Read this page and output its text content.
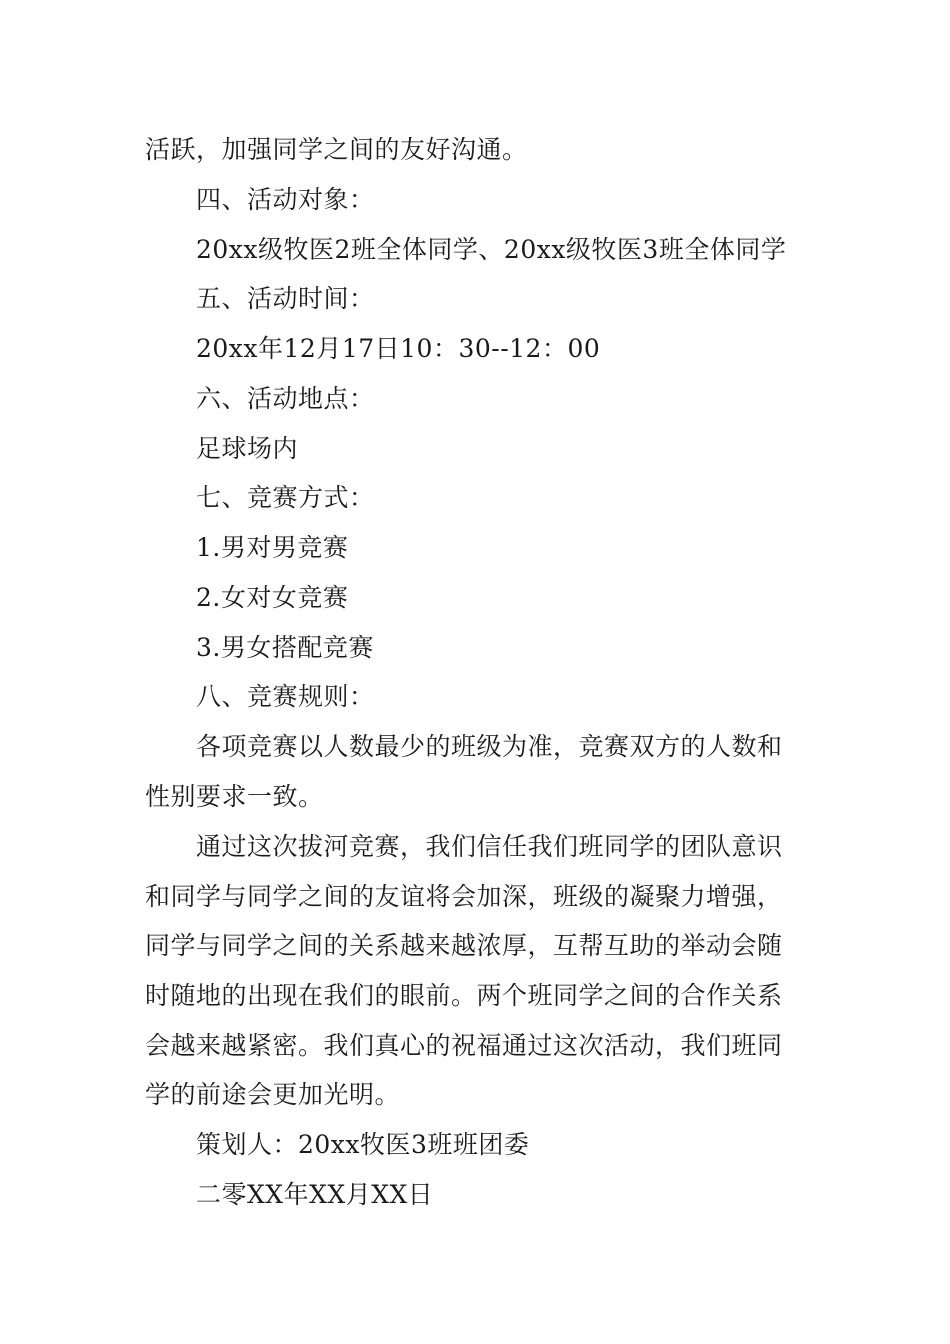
活跃，加强同学之间的友好沟通。
四、活动对象：
20xx级牧医2班全体同学、20xx级牧医3班全体同学
五、活动时间：
20xx年12月17日10：30--12：00
六、活动地点：
足球场内
七、竞赛方式：
1.男对男竞赛
2.女对女竞赛
3.男女搭配竞赛
八、竞赛规则：
各项竞赛以人数最少的班级为准，竞赛双方的人数和
性别要求一致。
通过这次拔河竞赛，我们信任我们班同学的团队意识
和同学与同学之间的友谊将会加深，班级的凝聚力增强，
同学与同学之间的关系越来越浓厚，互帮互助的举动会随
时随地的出现在我们的眼前。两个班同学之间的合作关系
会越来越紧密。我们真心的祝福通过这次活动，我们班同
学的前途会更加光明。
策划人：20xx牧医3班班团委
二零XX年XX月XX日
